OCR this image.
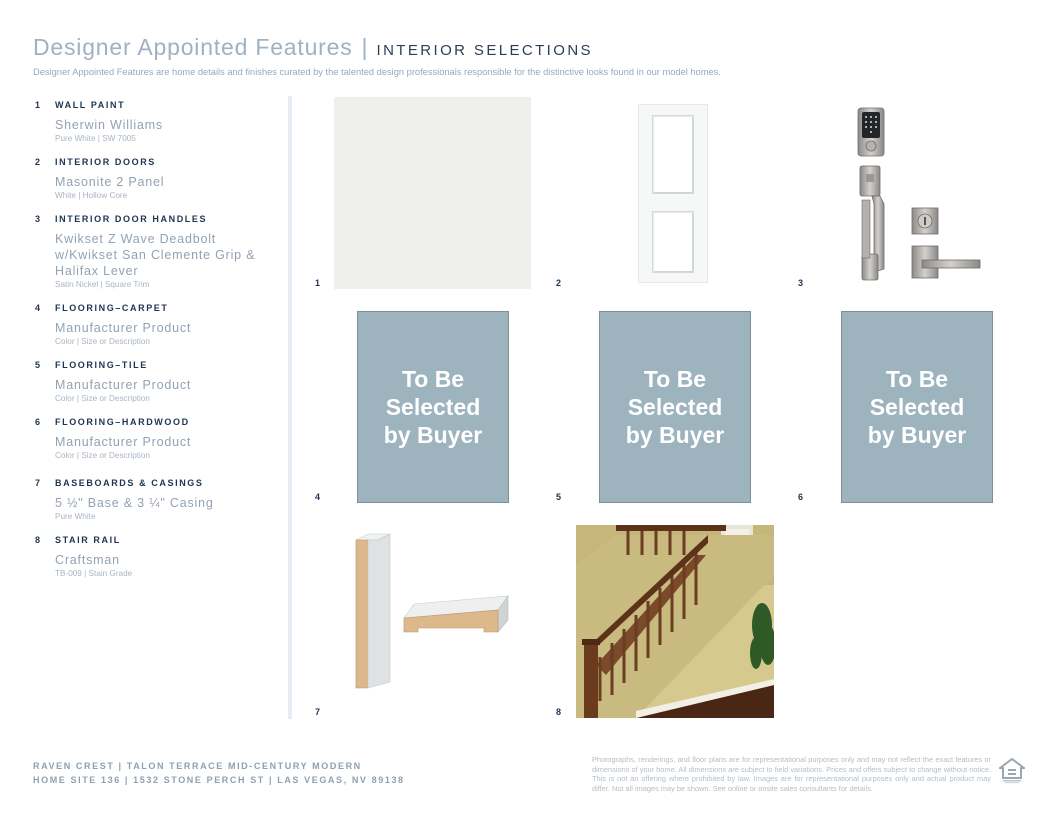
Designer Appointed Features | INTERIOR SELECTIONS
Designer Appointed Features are home details and finishes curated by the talented design professionals responsible for the distinctive looks found in our model homes.
1 WALL PAINT
Sherwin Williams
Pure White | SW 7005
2 INTERIOR DOORS
Masonite 2 Panel
White | Hollow Core
3 INTERIOR DOOR HANDLES
Kwikset Z Wave Deadbolt w/Kwikset San Clemente Grip & Halifax Lever
Satin Nickel | Square Trim
4 FLOORING–CARPET
Manufacturer Product
Color | Size or Description
5 FLOORING–TILE
Manufacturer Product
Color | Size or Description
6 FLOORING–HARDWOOD
Manufacturer Product
Color | Size or Description
7 BASEBOARDS & CASINGS
5 ½" Base & 3 ¼" Casing
Pure White
8 STAIR RAIL
Craftsman
TB-009 | Stain Grade
1	2	3
4	5	6
7	8
To Be
Selected
by Buyer
To Be
Selected
by Buyer
To Be
Selected
by Buyer
RAVEN CREST | TALON TERRACE MID-CENTURY MODERN
HOME SITE 136 | 1532 STONE PERCH ST | LAS VEGAS, NV 89138
Photographs, renderings, and floor plans are for representational purposes only and may not reflect the exact features or dimensions of your home. All dimensions are subject to field variations. Prices and offers subject to change without notice. This is not an offering where prohibited by law. Images are for representational purposes only and actual product may differ. Not all images may be shown. See online or onsite sales consultants for details.
